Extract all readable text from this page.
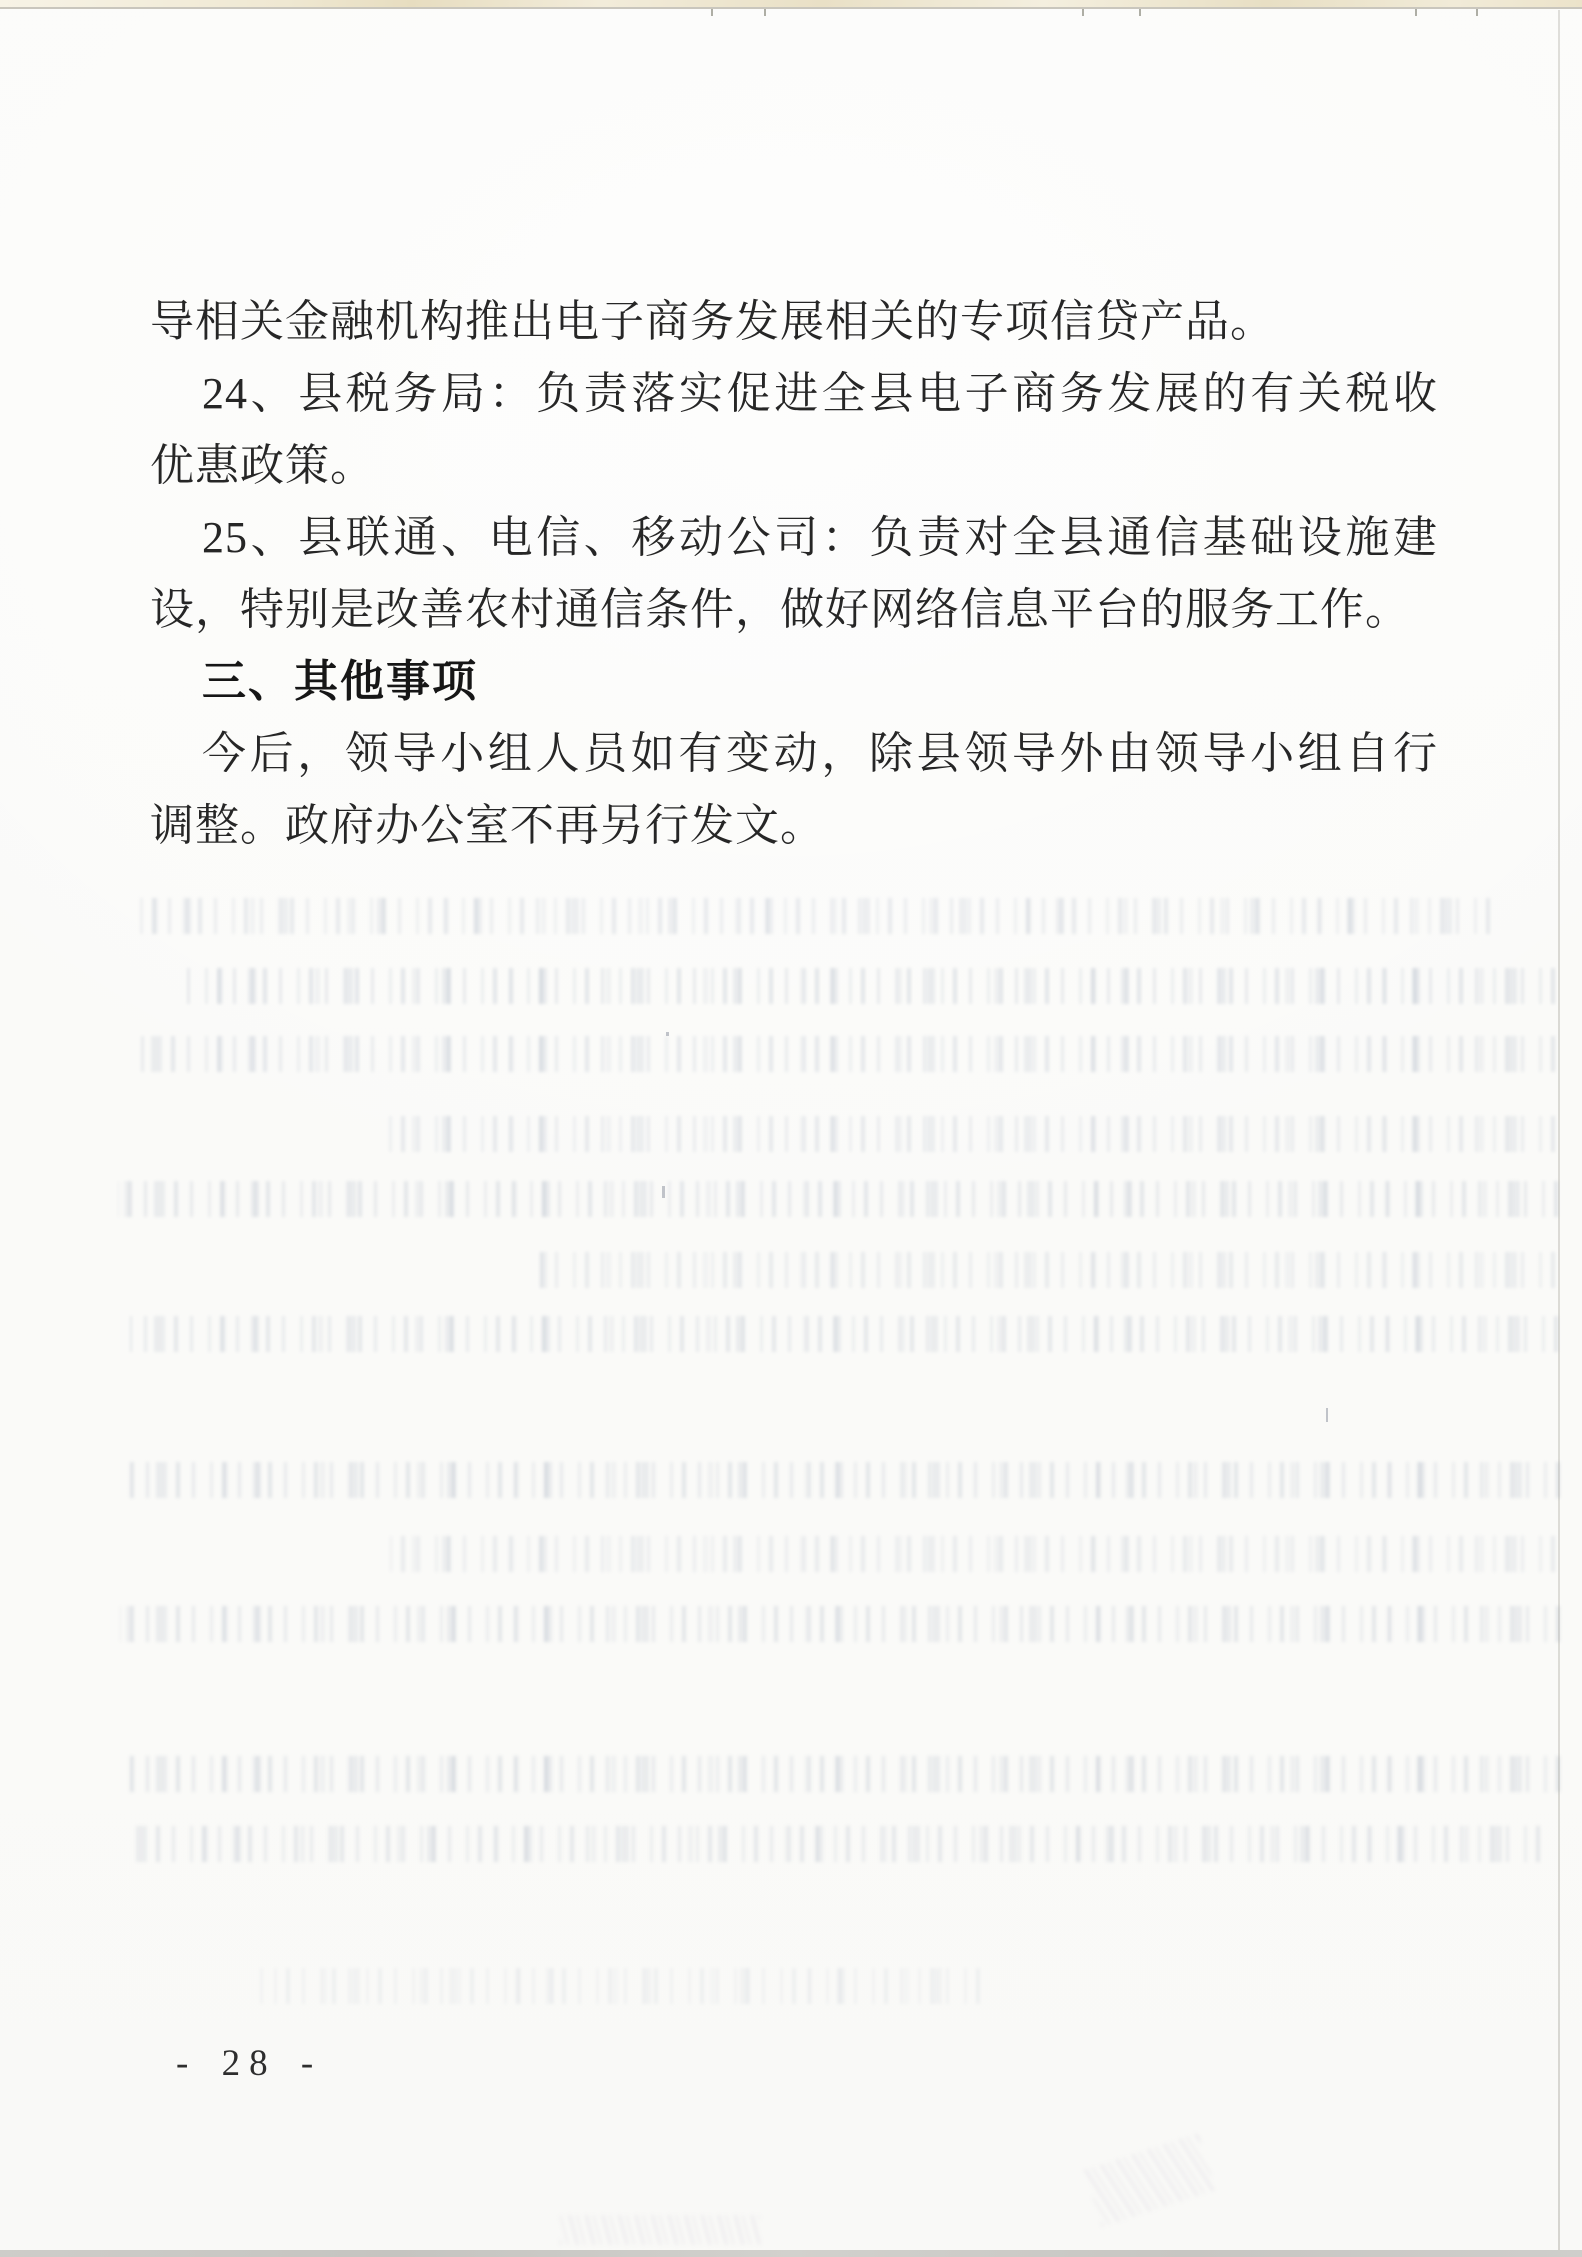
导相关金融机构推出电子商务发展相关的专项信贷产品。
24、县税务局：负责落实促进全县电子商务发展的有关税收
优惠政策。
25、县联通、电信、移动公司：负责对全县通信基础设施建
设，特别是改善农村通信条件，做好网络信息平台的服务工作。
三、其他事项
今后，领导小组人员如有变动，除县领导外由领导小组自行
调整。政府办公室不再另行发文。
- 28 -
